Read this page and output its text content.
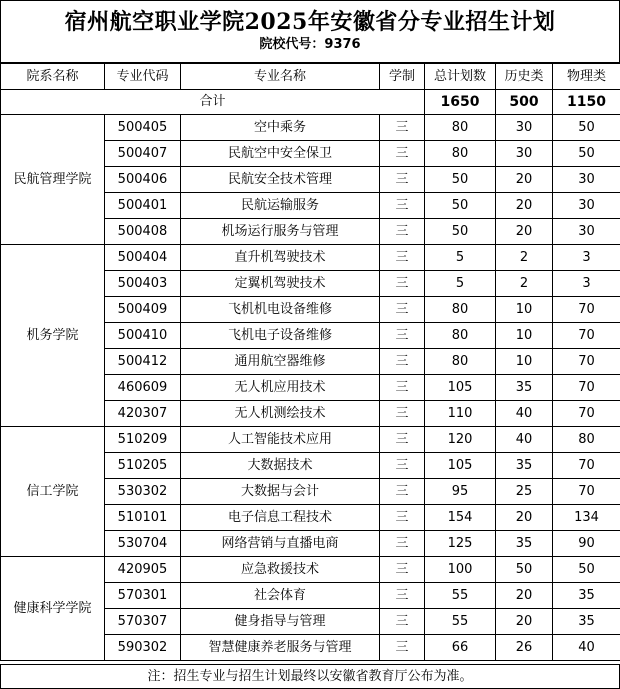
宿州航空职业学院2025年安徽省分专业招生计划
院校代号：9376
院系名称	专业代码	专业名称	学制	总计划数	历史类	物理类
合计				1650	500	1150
民航管理学院	500405	空中乘务	三	80	30	50
	500407	民航空中安全保卫	三	80	30	50
	500406	民航安全技术管理	三	50	20	30
	500401	民航运输服务	三	50	20	30
	500408	机场运行服务与管理	三	50	20	30
机务学院	500404	直升机驾驶技术	三	5	2	3
	500403	定翼机驾驶技术	三	5	2	3
	500409	飞机机电设备维修	三	80	10	70
	500410	飞机电子设备维修	三	80	10	70
	500412	通用航空器维修	三	80	10	70
	460609	无人机应用技术	三	105	35	70
	420307	无人机测绘技术	三	110	40	70
信工学院	510209	人工智能技术应用	三	120	40	80
	510205	大数据技术	三	105	35	70
	530302	大数据与会计	三	95	25	70
	510101	电子信息工程技术	三	154	20	134
	530704	网络营销与直播电商	三	125	35	90
健康科学学院	420905	应急救援技术	三	100	50	50
	570301	社会体育	三	55	20	35
	570307	健身指导与管理	三	55	20	35
	590302	智慧健康养老服务与管理	三	66	26	40
注：招生专业与招生计划最终以安徽省教育厅公布为准。
